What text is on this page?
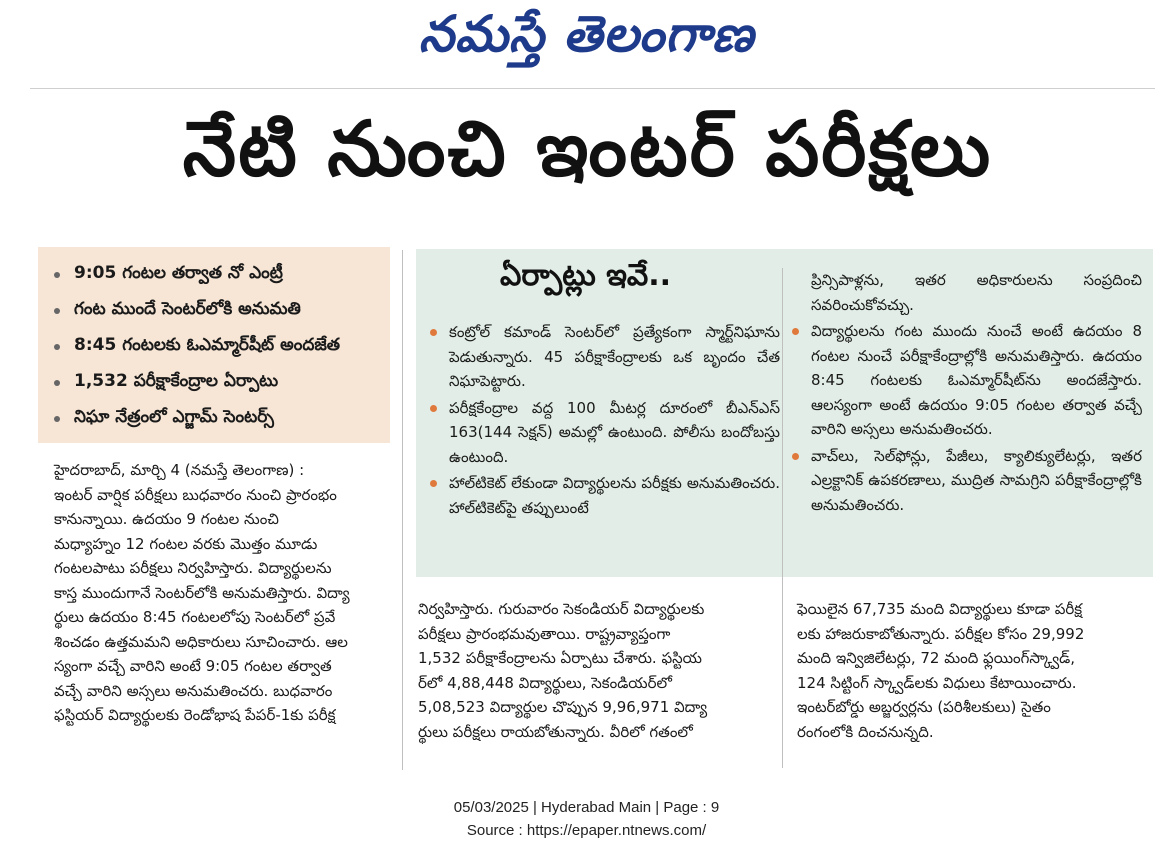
నమస్తే తెలంగాణ
నేటి నుంచి ఇంటర్ పరీక్షలు
9:05 గంటల తర్వాత నో ఎంట్రీ
గంట ముందే సెంటర్‌లోకి అనుమతి
8:45 గంటలకు ఓఎమ్మార్‌షీట్ అందజేత
1,532 పరీక్షాకేంద్రాల ఏర్పాటు
నిఘా నేత్రంలో ఎగ్జామ్ సెంటర్స్

హైదరాబాద్, మార్చి 4 (నమస్తే తెలంగాణ) :

ఇంటర్ వార్షిక పరీక్షలు బుధవారం నుంచి ప్రారంభం

కానున్నాయి. ఉదయం 9 గంటల నుంచి

మధ్యాహ్నం 12 గంటల వరకు మొత్తం మూడు

గంటలపాటు పరీక్షలు నిర్వహిస్తారు. విద్యార్థులను

కాస్త ముందుగానే సెంటర్‌లోకి అనుమతిస్తారు. విద్యా

ర్థులు ఉదయం 8:45 గంటలలోపు సెంటర్‌లో ప్రవే

శించడం ఉత్తమమని అధికారులు సూచించారు. ఆల

స్యంగా వచ్చే వారిని అంటే 9:05 గంటల తర్వాత

వచ్చే వారిని అస్సలు అనుమతించరు. బుధవారం

ఫస్టియర్ విద్యార్థులకు రెండోభాష పేపర్-1కు పరీక్ష

ఏర్పాట్లు ఇవే..
కంట్రోల్ కమాండ్ సెంటర్‌లో ప్రత్యేకంగా స్మార్ట్‌నిఘాను పెడుతున్నారు. 45 పరీక్షాకేంద్రాలకు ఒక బృందం చేత నిఘాపెట్టారు.
పరీక్షకేంద్రాల వద్ద 100 మీటర్ల దూరంలో బీఎన్‌ఎస్ 163(144 సెక్షన్) అమల్లో ఉంటుంది. పోలీసు బందోబస్తు ఉంటుంది.
హాల్‌టికెట్ లేకుండా విద్యార్థులను పరీక్షకు అనుమతించరు. హాల్‌టికెట్‌పై తప్పులుంటే

ప్రిన్సిపాళ్లను, ఇతర అధికారులను సంప్రదించి సవరించుకోవచ్చు.

విద్యార్థులను గంట ముందు నుంచే అంటే ఉదయం 8 గంటల నుంచే పరీక్షాకేంద్రాల్లోకి అనుమతిస్తారు. ఉదయం 8:45 గంటలకు ఓఎమ్మార్‌షీట్‌ను అందజేస్తారు. ఆలస్యంగా అంటే ఉదయం 9:05 గంటల తర్వాత వచ్చే వారిని అస్సలు అనుమతించరు.
వాచ్‌లు, సెల్‌ఫోన్లు, పేజీలు, క్యాలిక్యులేటర్లు, ఇతర ఎల్రక్టానిక్ ఉపకరణాలు, ముద్రిత సామగ్రిని పరీక్షాకేంద్రాల్లోకి అనుమతించరు.

నిర్వహిస్తారు. గురువారం సెకండియర్ విద్యార్థులకు

పరీక్షలు ప్రారంభమవుతాయి. రాష్ట్రవ్యాప్తంగా

1,532 పరీక్షాకేంద్రాలను ఏర్పాటు చేశారు. ఫస్టియ

ర్‌లో 4,88,448 విద్యార్థులు, సెకండియర్‌లో

5,08,523 విద్యార్థుల చొప్పున 9,96,971 విద్యా

ర్థులు పరీక్షలు రాయబోతున్నారు. వీరిలో గతంలో

ఫెయిలైన 67,735 మంది విద్యార్థులు కూడా పరీక్ష

లకు హాజరుకాబోతున్నారు. పరీక్షల కోసం 29,992

మంది ఇన్విజిలేటర్లు, 72 మంది ఫ్లయింగ్‌స్క్వాడ్,

124 సిట్టింగ్ స్క్వాడ్‌లకు విధులు కేటాయించారు.

ఇంటర్‌బోర్డు అబ్జర్వర్లను (పరిశీలకులు) సైతం

రంగంలోకి దించనున్నది.

05/03/2025 | Hyderabad Main | Page : 9
Source : https://epaper.ntnews.com/
